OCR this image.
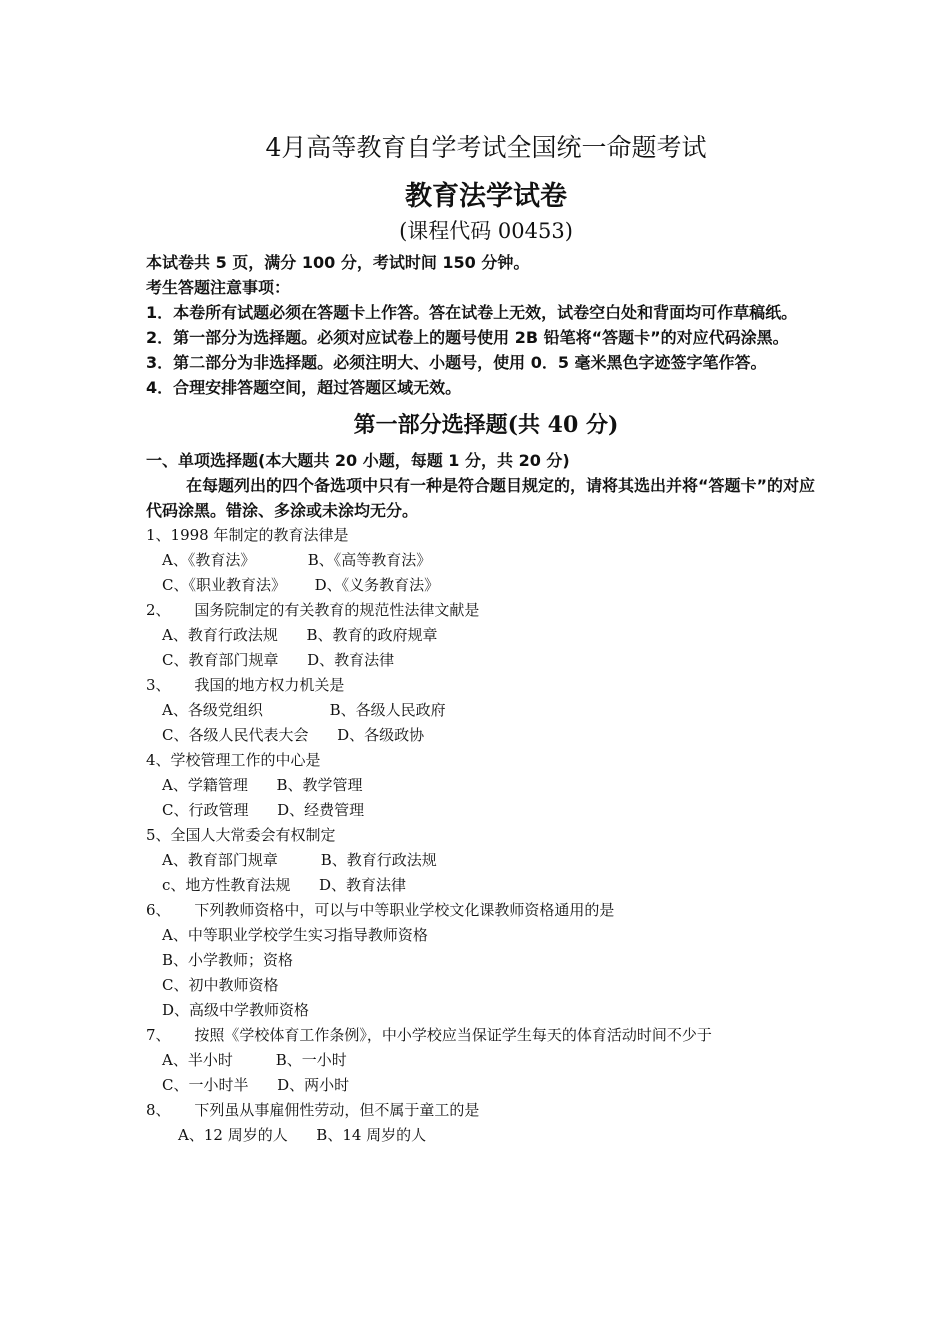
4月高等教育自学考试全国统一命题考试
教育法学试卷
(课程代码 00453)

本试卷共 5 页，满分 100 分，考试时间 150 分钟。

考生答题注意事项：

1．本卷所有试题必须在答题卡上作答。答在试卷上无效，试卷空白处和背面均可作草稿纸。

2．第一部分为选择题。必须对应试卷上的题号使用 2B 铅笔将“答题卡”的对应代码涂黑。

3．第二部分为非选择题。必须注明大、小题号，使用 0．5 毫米黑色字迹签字笔作答。

4．合理安排答题空间，超过答题区域无效。

第一部分选择题(共 40 分)
一、单项选择题(本大题共 20 小题，每题 1 分，共 20 分)
在每题列出的四个备选项中只有一种是符合题目规定的，请将其选出并将“答题卡”的对应代码涂黑。错涂、多涂或未涂均无分。
1、1998 年制定的教育法律是
A、《教育法》           B、《高等教育法》
C、《职业教育法》      D、《义务教育法》
2、     国务院制定的有关教育的规范性法律文献是
A、教育行政法规      B、教育的政府规章
C、教育部门规章      D、教育法律
3、     我国的地方权力机关是
A、各级党组织              B、各级人民政府
C、各级人民代表大会      D、各级政协
4、学校管理工作的中心是
A、学籍管理      B、教学管理
C、行政管理      D、经费管理
5、全国人大常委会有权制定
A、教育部门规章         B、教育行政法规
c、地方性教育法规      D、教育法律
6、     下列教师资格中，可以与中等职业学校文化课教师资格通用的是
A、中等职业学校学生实习指导教师资格
B、小学教师；资格
C、初中教师资格
D、高级中学教师资格
7、     按照《学校体育工作条例》，中小学校应当保证学生每天的体育活动时间不少于
A、半小时         B、一小时
C、一小时半      D、两小时
8、     下列虽从事雇佣性劳动，但不属于童工的是
A、12 周岁的人      B、14 周岁的人
